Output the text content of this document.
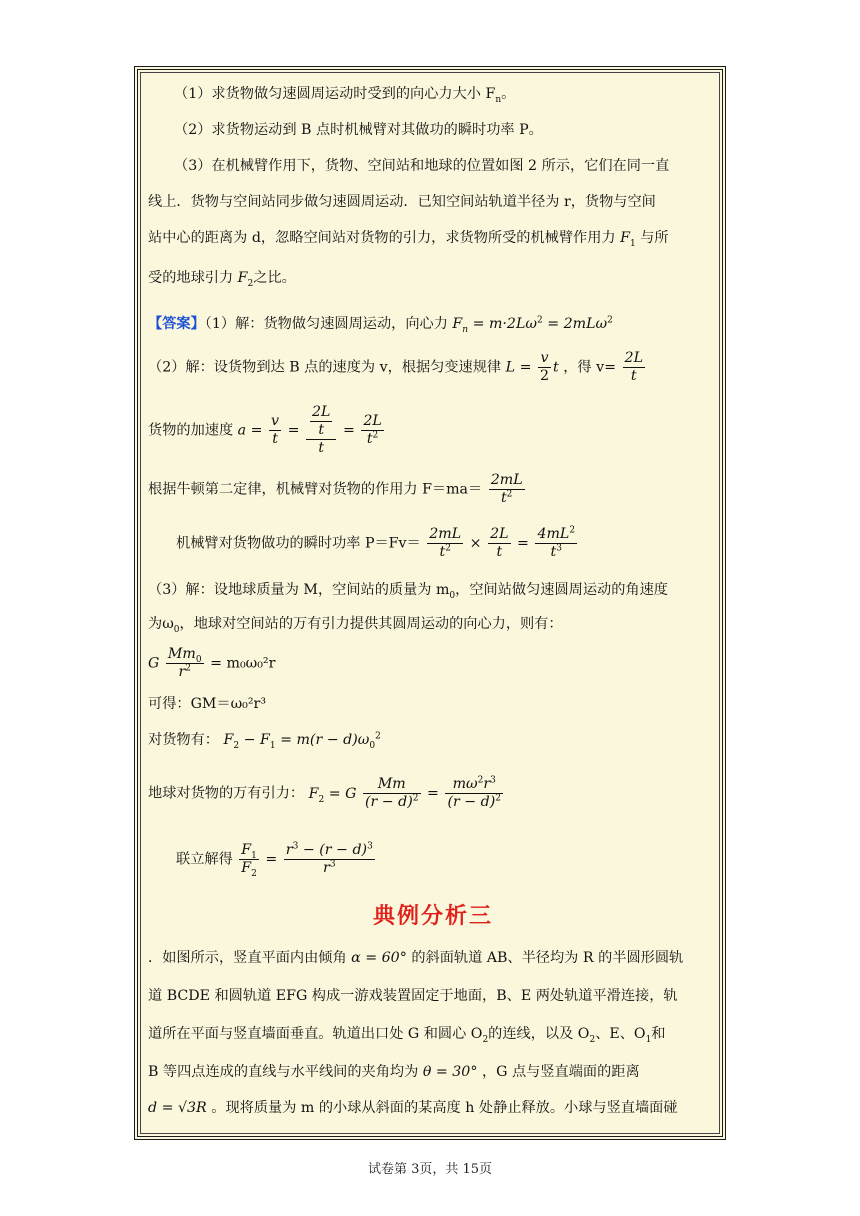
（1）求货物做匀速圆周运动时受到的向心力大小 $F_n$。
（2）求货物运动到 B 点时机械臂对其做功的瞬时功率 P。
（3）在机械臂作用下，货物、空间站和地球的位置如图 2 所示，它们在同一直
线上．货物与空间站同步做匀速圆周运动．已知空间站轨道半径为 r，货物与空间
站中心的距离为 d，忽略空间站对货物的引力，求货物所受的机械臂作用力 $F_1$ 与所
受的地球引力 $F_2$之比。
【答案】（1）解：货物做匀速圆周运动，向心力 $F_n = m\cdot 2L\omega^2 = 2mL\omega^2$
（2）解：设货物到达 B 点的速度为 v，根据匀变速规律 $L = \frac{v}{2}$ t ，得 $v= \frac{2L}{t}$
货物的加速度 $a = \frac{v}{t} = \frac{\frac{2L}{t}}{t} = \frac{2L}{t^2}$
根据牛顿第二定律，机械臂对货物的作用力 $F=ma= \frac{2mL}{t^2}$
机械臂对货物做功的瞬时功率 $P=Fv= \frac{2mL}{t^2} \times \frac{2L}{t} = \frac{4mL^2}{t^3}$
（3）解：设地球质量为 M，空间站的质量为 $m_0$，空间站做匀速圆周运动的角速度
为$\omega_0$，地球对空间站的万有引力提供其圆周运动的向心力，则有：
G $\frac{Mm_0}{r^2} = m_0\omega_0^2r$
可得：GM＝ω₀²r³
对货物有： $F_2 - F_1 = m(r - d)\omega_0^2$
地球对货物的万有引力： $F_2 = G \frac{Mm}{(r - d)^2} = \frac{m\omega^2r^3}{(r - d)^2}$
联立解得 $\frac{F_1}{F_2} = \frac{r^3 - (r - d)^3}{r^3}$
典例分析三
．如图所示，竖直平面内由倾角 α = 60° 的斜面轨道 AB、半径均为 R 的半圆形圆轨
道 BCDE 和圆轨道 EFG 构成一游戏装置固定于地面，B、E 两处轨道平滑连接，轨
道所在平面与竖直墙面垂直。轨道出口处 G 和圆心 $O_2$的连线，以及 $O_2$、E、$O_1$和
B 等四点连成的直线与水平线间的夹角均为 θ = 30° ，G 点与竖直端面的距离
d = √3R 。现将质量为 m 的小球从斜面的某高度 h 处静止释放。小球与竖直墙面碰
试卷第 3页，共 15页
